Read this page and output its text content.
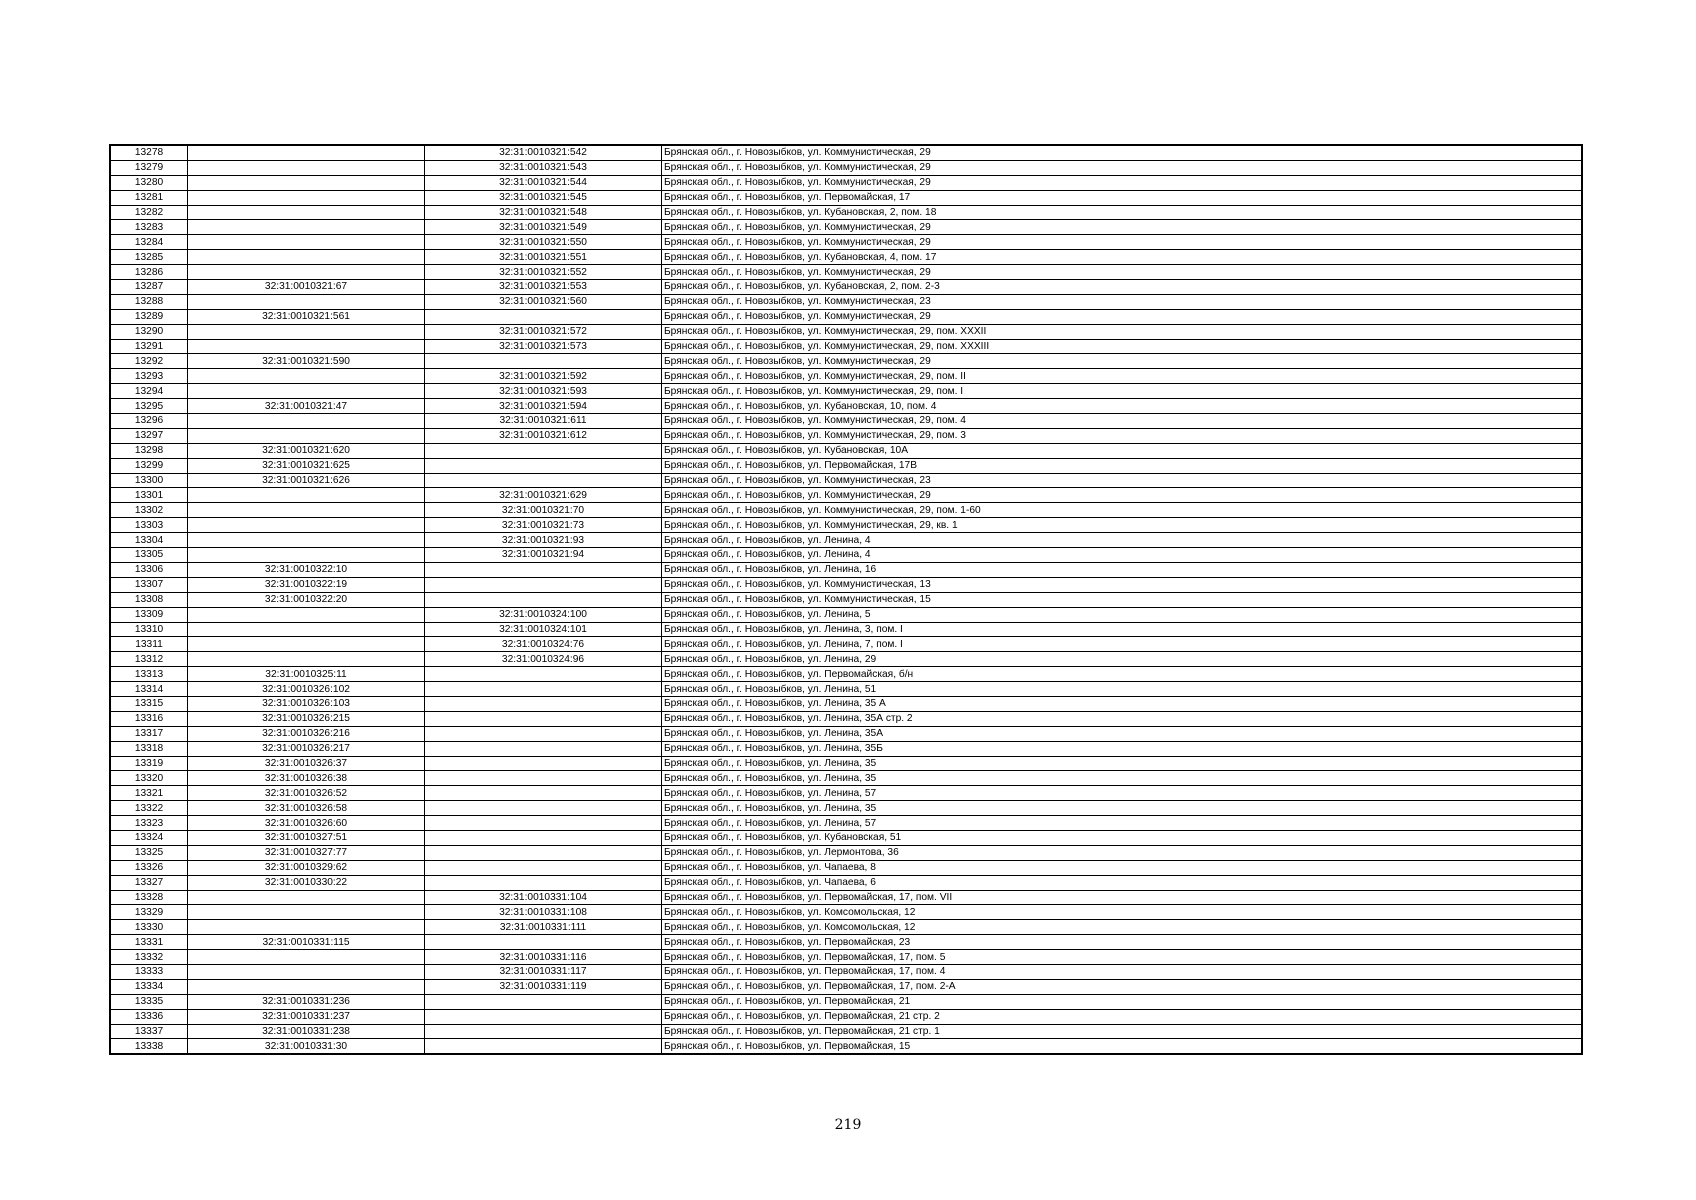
13278		32:31:0010321:542	Брянская обл., г. Новозыбков, ул. Коммунистическая, 29
13279		32:31:0010321:543	Брянская обл., г. Новозыбков, ул. Коммунистическая, 29
13280		32:31:0010321:544	Брянская обл., г. Новозыбков, ул. Коммунистическая, 29
13281		32:31:0010321:545	Брянская обл., г. Новозыбков, ул. Первомайская, 17
13282		32:31:0010321:548	Брянская обл., г. Новозыбков, ул. Кубановская, 2, пом. 18
13283		32:31:0010321:549	Брянская обл., г. Новозыбков, ул. Коммунистическая, 29
13284		32:31:0010321:550	Брянская обл., г. Новозыбков, ул. Коммунистическая, 29
13285		32:31:0010321:551	Брянская обл., г. Новозыбков, ул. Кубановская, 4, пом. 17
13286		32:31:0010321:552	Брянская обл., г. Новозыбков, ул. Коммунистическая, 29
13287	32:31:0010321:67	32:31:0010321:553	Брянская обл., г. Новозыбков, ул. Кубановская, 2, пом. 2-3
13288		32:31:0010321:560	Брянская обл., г. Новозыбков, ул. Коммунистическая, 23
13289	32:31:0010321:561		Брянская обл., г. Новозыбков, ул. Коммунистическая, 29
13290		32:31:0010321:572	Брянская обл., г. Новозыбков, ул. Коммунистическая, 29, пом. XXXII
13291		32:31:0010321:573	Брянская обл., г. Новозыбков, ул. Коммунистическая, 29, пом. XXXIII
13292	32:31:0010321:590		Брянская обл., г. Новозыбков, ул. Коммунистическая, 29
13293		32:31:0010321:592	Брянская обл., г. Новозыбков, ул. Коммунистическая, 29, пом. II
13294		32:31:0010321:593	Брянская обл., г. Новозыбков, ул. Коммунистическая, 29, пом. I
13295	32:31:0010321:47	32:31:0010321:594	Брянская обл., г. Новозыбков, ул. Кубановская, 10, пом. 4
13296		32:31:0010321:611	Брянская обл., г. Новозыбков, ул. Коммунистическая, 29, пом. 4
13297		32:31:0010321:612	Брянская обл., г. Новозыбков, ул. Коммунистическая, 29, пом. 3
13298	32:31:0010321:620		Брянская обл., г. Новозыбков, ул. Кубановская, 10А
13299	32:31:0010321:625		Брянская обл., г. Новозыбков, ул. Первомайская, 17В
13300	32:31:0010321:626		Брянская обл., г. Новозыбков, ул. Коммунистическая, 23
13301		32:31:0010321:629	Брянская обл., г. Новозыбков, ул. Коммунистическая, 29
13302		32:31:0010321:70	Брянская обл., г. Новозыбков, ул. Коммунистическая, 29, пом. 1-60
13303		32:31:0010321:73	Брянская обл., г. Новозыбков, ул. Коммунистическая, 29, кв. 1
13304		32:31:0010321:93	Брянская обл., г. Новозыбков, ул. Ленина, 4
13305		32:31:0010321:94	Брянская обл., г. Новозыбков, ул. Ленина, 4
13306	32:31:0010322:10		Брянская обл., г. Новозыбков, ул. Ленина, 16
13307	32:31:0010322:19		Брянская обл., г. Новозыбков, ул. Коммунистическая, 13
13308	32:31:0010322:20		Брянская обл., г. Новозыбков, ул. Коммунистическая, 15
13309		32:31:0010324:100	Брянская обл., г. Новозыбков, ул. Ленина, 5
13310		32:31:0010324:101	Брянская обл., г. Новозыбков, ул. Ленина, 3, пом. I
13311		32:31:0010324:76	Брянская обл., г. Новозыбков, ул. Ленина, 7, пом. I
13312		32:31:0010324:96	Брянская обл., г. Новозыбков, ул. Ленина, 29
13313	32:31:0010325:11		Брянская обл., г. Новозыбков, ул. Первомайская, б/н
13314	32:31:0010326:102		Брянская обл., г. Новозыбков, ул. Ленина, 51
13315	32:31:0010326:103		Брянская обл., г. Новозыбков, ул. Ленина, 35 А
13316	32:31:0010326:215		Брянская обл., г. Новозыбков, ул. Ленина, 35А стр. 2
13317	32:31:0010326:216		Брянская обл., г. Новозыбков, ул. Ленина, 35А
13318	32:31:0010326:217		Брянская обл., г. Новозыбков, ул. Ленина, 35Б
13319	32:31:0010326:37		Брянская обл., г. Новозыбков, ул. Ленина, 35
13320	32:31:0010326:38		Брянская обл., г. Новозыбков, ул. Ленина, 35
13321	32:31:0010326:52		Брянская обл., г. Новозыбков, ул. Ленина, 57
13322	32:31:0010326:58		Брянская обл., г. Новозыбков, ул. Ленина, 35
13323	32:31:0010326:60		Брянская обл., г. Новозыбков, ул. Ленина, 57
13324	32:31:0010327:51		Брянская обл., г. Новозыбков, ул. Кубановская, 51
13325	32:31:0010327:77		Брянская обл., г. Новозыбков, ул. Лермонтова, 36
13326	32:31:0010329:62		Брянская обл., г. Новозыбков, ул. Чапаева, 8
13327	32:31:0010330:22		Брянская обл., г. Новозыбков, ул. Чапаева, 6
13328		32:31:0010331:104	Брянская обл., г. Новозыбков, ул. Первомайская, 17, пом. VII
13329		32:31:0010331:108	Брянская обл., г. Новозыбков, ул. Комсомольская, 12
13330		32:31:0010331:111	Брянская обл., г. Новозыбков, ул. Комсомольская, 12
13331	32:31:0010331:115		Брянская обл., г. Новозыбков, ул. Первомайская, 23
13332		32:31:0010331:116	Брянская обл., г. Новозыбков, ул. Первомайская, 17, пом. 5
13333		32:31:0010331:117	Брянская обл., г. Новозыбков, ул. Первомайская, 17, пом. 4
13334		32:31:0010331:119	Брянская обл., г. Новозыбков, ул. Первомайская, 17, пом. 2-А
13335	32:31:0010331:236		Брянская обл., г. Новозыбков, ул. Первомайская, 21
13336	32:31:0010331:237		Брянская обл., г. Новозыбков, ул. Первомайская, 21 стр. 2
13337	32:31:0010331:238		Брянская обл., г. Новозыбков, ул. Первомайская, 21 стр. 1
13338	32:31:0010331:30		Брянская обл., г. Новозыбков, ул. Первомайская, 15
219
